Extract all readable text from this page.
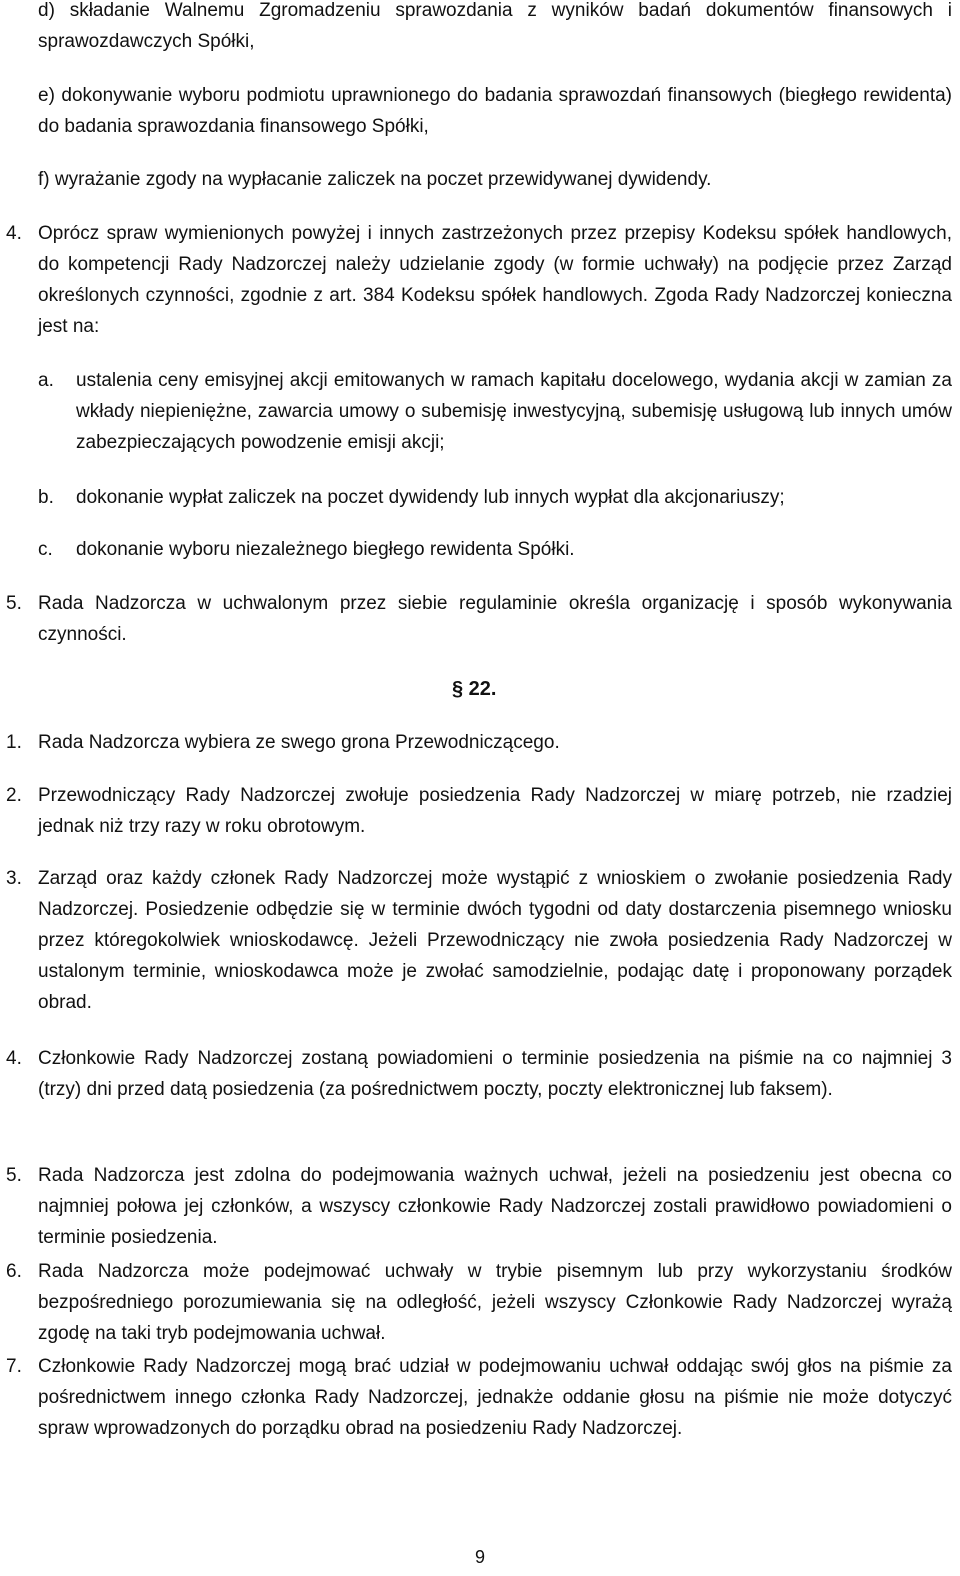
d) składanie Walnemu Zgromadzeniu sprawozdania z wyników badań dokumentów finansowych i sprawozdawczych Spółki,

e) dokonywanie wyboru podmiotu uprawnionego do badania sprawozdań finansowych (biegłego rewidenta) do badania sprawozdania finansowego Spółki,

f) wyrażanie zgody na wypłacanie zaliczek na poczet przewidywanej dywidendy.

4. Oprócz spraw wymienionych powyżej i innych zastrzeżonych przez przepisy Kodeksu spółek handlowych, do kompetencji Rady Nadzorczej należy udzielanie zgody (w formie uchwały) na podjęcie przez Zarząd określonych czynności, zgodnie z art. 384 Kodeksu spółek handlowych. Zgoda Rady Nadzorczej konieczna jest na:

a. ustalenia ceny emisyjnej akcji emitowanych w ramach kapitału docelowego, wydania akcji w zamian za wkłady niepieniężne, zawarcia umowy o subemisję inwestycyjną, subemisję usługową lub innych umów zabezpieczających powodzenie emisji akcji;

b. dokonanie wypłat zaliczek na poczet dywidendy lub innych wypłat dla akcjonariuszy;

c. dokonanie wyboru niezależnego biegłego rewidenta Spółki.

5. Rada Nadzorcza w uchwalonym przez siebie regulaminie określa organizację i sposób wykonywania czynności.

§ 22.

1. Rada Nadzorcza wybiera ze swego grona Przewodniczącego.

2. Przewodniczący Rady Nadzorczej zwołuje posiedzenia Rady Nadzorczej w miarę potrzeb, nie rzadziej jednak niż trzy razy w roku obrotowym.

3. Zarząd oraz każdy członek Rady Nadzorczej może wystąpić z wnioskiem o zwołanie posiedzenia Rady Nadzorczej. Posiedzenie odbędzie się w terminie dwóch tygodni od daty dostarczenia pisemnego wniosku przez któregokolwiek wnioskodawcę. Jeżeli Przewodniczący nie zwoła posiedzenia Rady Nadzorczej w ustalonym terminie, wnioskodawca może je zwołać samodzielnie, podając datę i proponowany porządek obrad.

4. Członkowie Rady Nadzorczej zostaną powiadomieni o terminie posiedzenia na piśmie na co najmniej 3 (trzy) dni przed datą posiedzenia (za pośrednictwem poczty, poczty elektronicznej lub faksem).

5. Rada Nadzorcza jest zdolna do podejmowania ważnych uchwał, jeżeli na posiedzeniu jest obecna co najmniej połowa jej członków, a wszyscy członkowie Rady Nadzorczej zostali prawidłowo powiadomieni o terminie posiedzenia.

6. Rada Nadzorcza może podejmować uchwały w trybie pisemnym lub przy wykorzystaniu środków bezpośredniego porozumiewania się na odległość, jeżeli wszyscy Członkowie Rady Nadzorczej wyrażą zgodę na taki tryb podejmowania uchwał.

7. Członkowie Rady Nadzorczej mogą brać udział w podejmowaniu uchwał oddając swój głos na piśmie za pośrednictwem innego członka Rady Nadzorczej, jednakże oddanie głosu na piśmie nie może dotyczyć spraw wprowadzonych do porządku obrad na posiedzeniu Rady Nadzorczej.

9
